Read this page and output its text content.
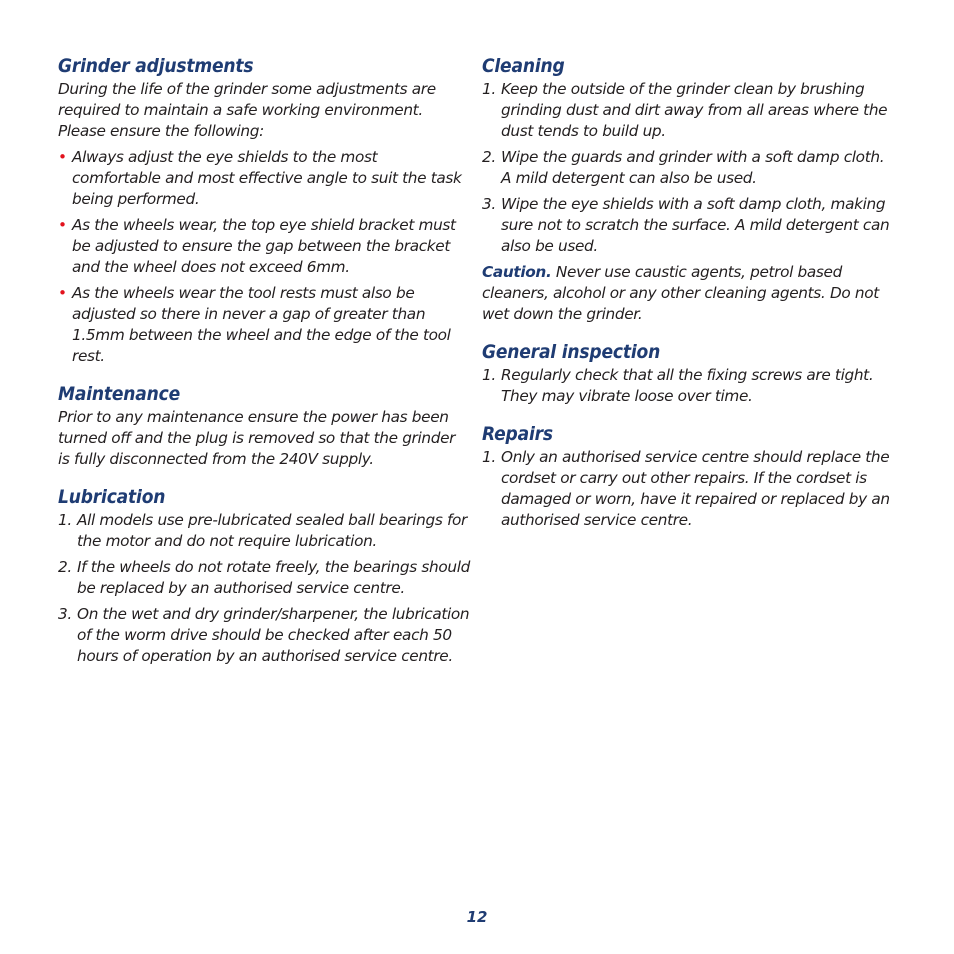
Grinder adjustments

During the life of the grinder some adjustments are required to maintain a safe working environment. Please ensure the following:

• Always adjust the eye shields to the most comfortable and most effective angle to suit the task being performed.
• As the wheels wear, the top eye shield bracket must be adjusted to ensure the gap between the bracket and the wheel does not exceed 6mm.
• As the wheels wear the tool rests must also be adjusted so there in never a gap of greater than 1.5mm between the wheel and the edge of the tool rest.
Maintenance

Prior to any maintenance ensure the power has been turned off and the plug is removed so that the grinder is fully disconnected from the 240V supply.

Lubrication
1. All models use pre-lubricated sealed ball bearings for the motor and do not require lubrication.
2. If the wheels do not rotate freely, the bearings should be replaced by an authorised service centre.
3. On the wet and dry grinder/sharpener, the lubrication of the worm drive should be checked after each 50 hours of operation by an authorised service centre.
Cleaning
1. Keep the outside of the grinder clean by brushing grinding dust and dirt away from all areas where the dust tends to build up.
2. Wipe the guards and grinder with a soft damp cloth. A mild detergent can also be used.
3. Wipe the eye shields with a soft damp cloth, making sure not to scratch the surface. A mild detergent can also be used.

Caution. Never use caustic agents, petrol based cleaners, alcohol or any other cleaning agents. Do not wet down the grinder.

General inspection
1. Regularly check that all the fixing screws are tight. They may vibrate loose over time.
Repairs
1. Only an authorised service centre should replace the cordset or carry out other repairs. If the cordset is damaged or worn, have it repaired or replaced by an authorised service centre.
12
